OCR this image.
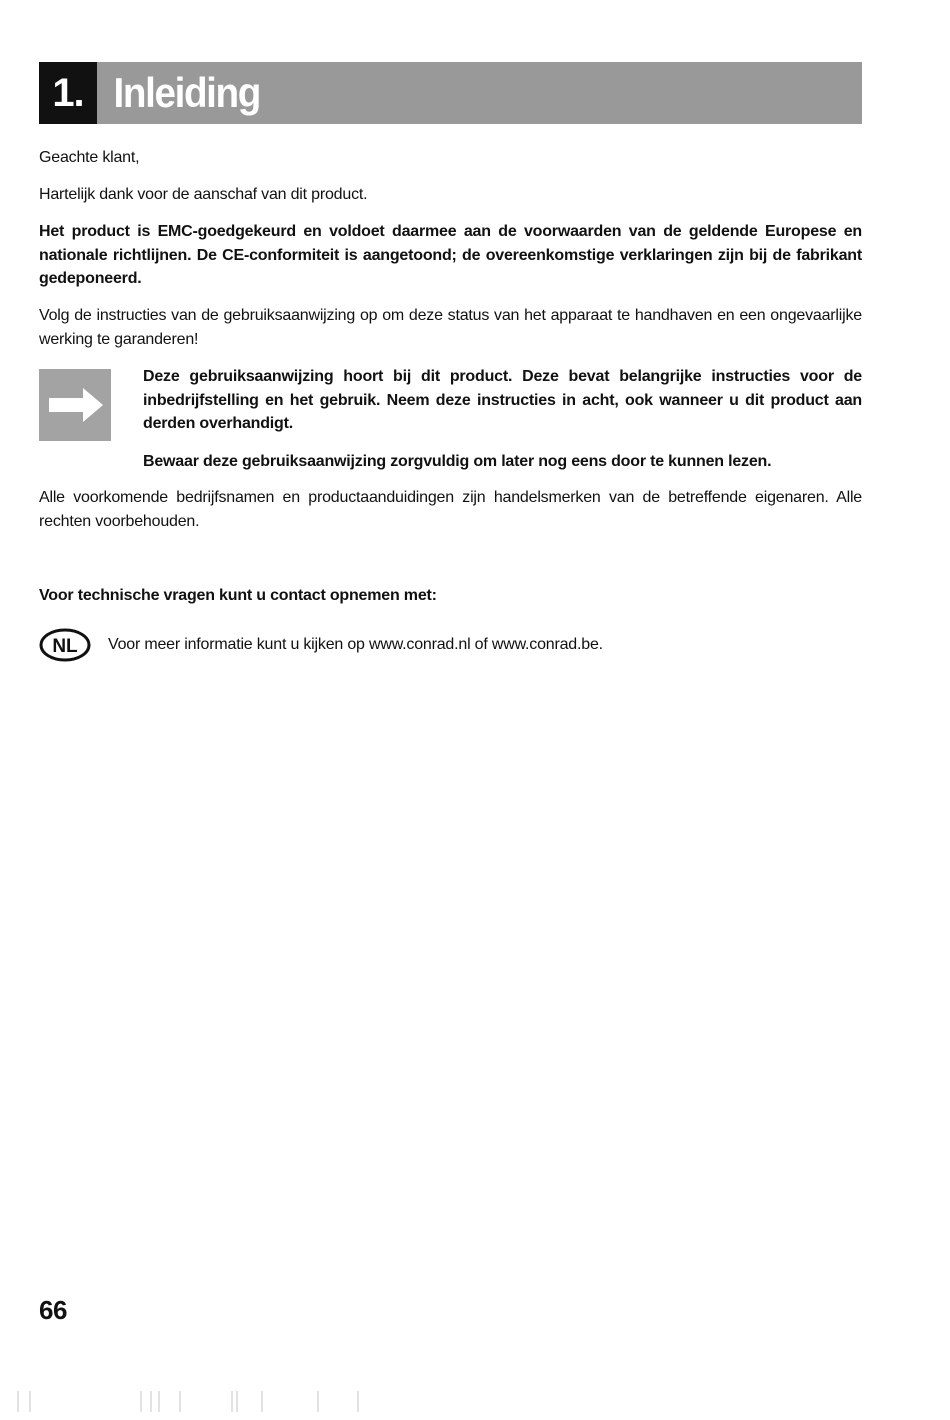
1. Inleiding

Geachte klant,

Hartelijk dank voor de aanschaf van dit product.

Het product is EMC-goedgekeurd en voldoet daarmee aan de voorwaarden van de geldende Europese en nationale richtlijnen. De CE-conformiteit is aangetoond; de overeenkomstige verklaringen zijn bij de fabrikant gedeponeerd.

Volg de instructies van de gebruiksaanwijzing op om deze status van het apparaat te handhaven en een ongevaarlijke werking te garanderen!

Deze gebruiksaanwijzing hoort bij dit product. Deze bevat belangrijke instructies voor de inbedrijfstelling en het gebruik. Neem deze instructies in acht, ook wanneer u dit product aan derden overhandigt.

Bewaar deze gebruiksaanwijzing zorgvuldig om later nog eens door te kunnen lezen.

Alle voorkomende bedrijfsnamen en productaanduidingen zijn handelsmerken van de betreffende eigenaren. Alle rechten voorbehouden.

Voor technische vragen kunt u contact opnemen met:

NL Voor meer informatie kunt u kijken op www.conrad.nl of www.conrad.be.
66
